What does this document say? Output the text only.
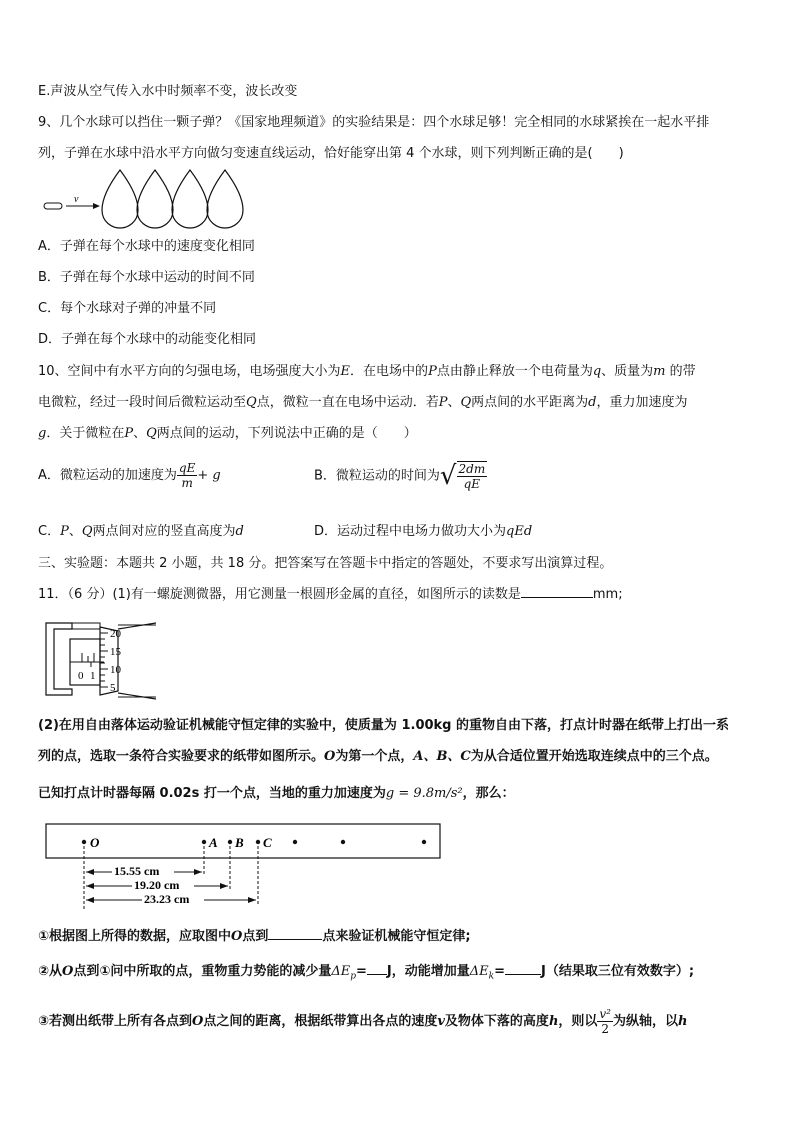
E.声波从空气传入水中时频率不变，波长改变
9、几个水球可以挡住一颗子弹？《国家地理频道》的实验结果是：四个水球足够！完全相同的水球紧挨在一起水平排
列，子弹在水球中沿水平方向做匀变速直线运动，恰好能穿出第 4 个水球，则下列判断正确的是(　　)
v
A．子弹在每个水球中的速度变化相同
B．子弹在每个水球中运动的时间不同
C．每个水球对子弹的冲量不同
D．子弹在每个水球中的动能变化相同
10、空间中有水平方向的匀强电场，电场强度大小为E．在电场中的P点由静止释放一个电荷量为q、质量为m 的带
电微粒，经过一段时间后微粒运动至Q点，微粒一直在电场中运动．若P、Q两点间的水平距离为d，重力加速度为
g．关于微粒在P、Q两点间的运动，下列说法中正确的是（　　）
A．微粒运动的加速度为 $\frac{qE}{m} + g$	B．微粒运动的时间为√ $\frac{2dm}{qE}$
C．P、Q两点间对应的竖直高度为d	D．运动过程中电场力做功大小为qEd
三、实验题：本题共 2 小题，共 18 分。把答案写在答题卡中指定的答题处，不要求写出演算过程。
11．（6 分）(1)有一螺旋测微器，用它测量一根圆形金属的直径，如图所示的读数是	mm;
0 1
20
15
10
5
(2)在用自由落体运动验证机械能守恒定律的实验中，使质量为 1.00kg 的重物自由下落，打点计时器在纸带上打出一系
列的点，选取一条符合实验要求的纸带如图所示。O为第一个点，A、B、C为从合适位置开始选取连续点中的三个点。
已知打点计时器每隔 0.02s 打一个点，当地的重力加速度为g = 9.8m/s²，那么：
O	A B C
15.55 cm
19.20 cm
23.23 cm
①根据图上所得的数据，应取图中O点到	点来验证机械能守恒定律;
②从O点到①问中所取的点，重物重力势能的减少量$\Delta E_p= J$，动能增加量$\Delta E_k=$	J（结果取三位有效数字）;
③若测出纸带上所有各点到O点之间的距离，根据纸带算出各点的速度v及物体下落的高度h，则以 $\frac{\text{v²}}{2}$ 为纵轴，以h
